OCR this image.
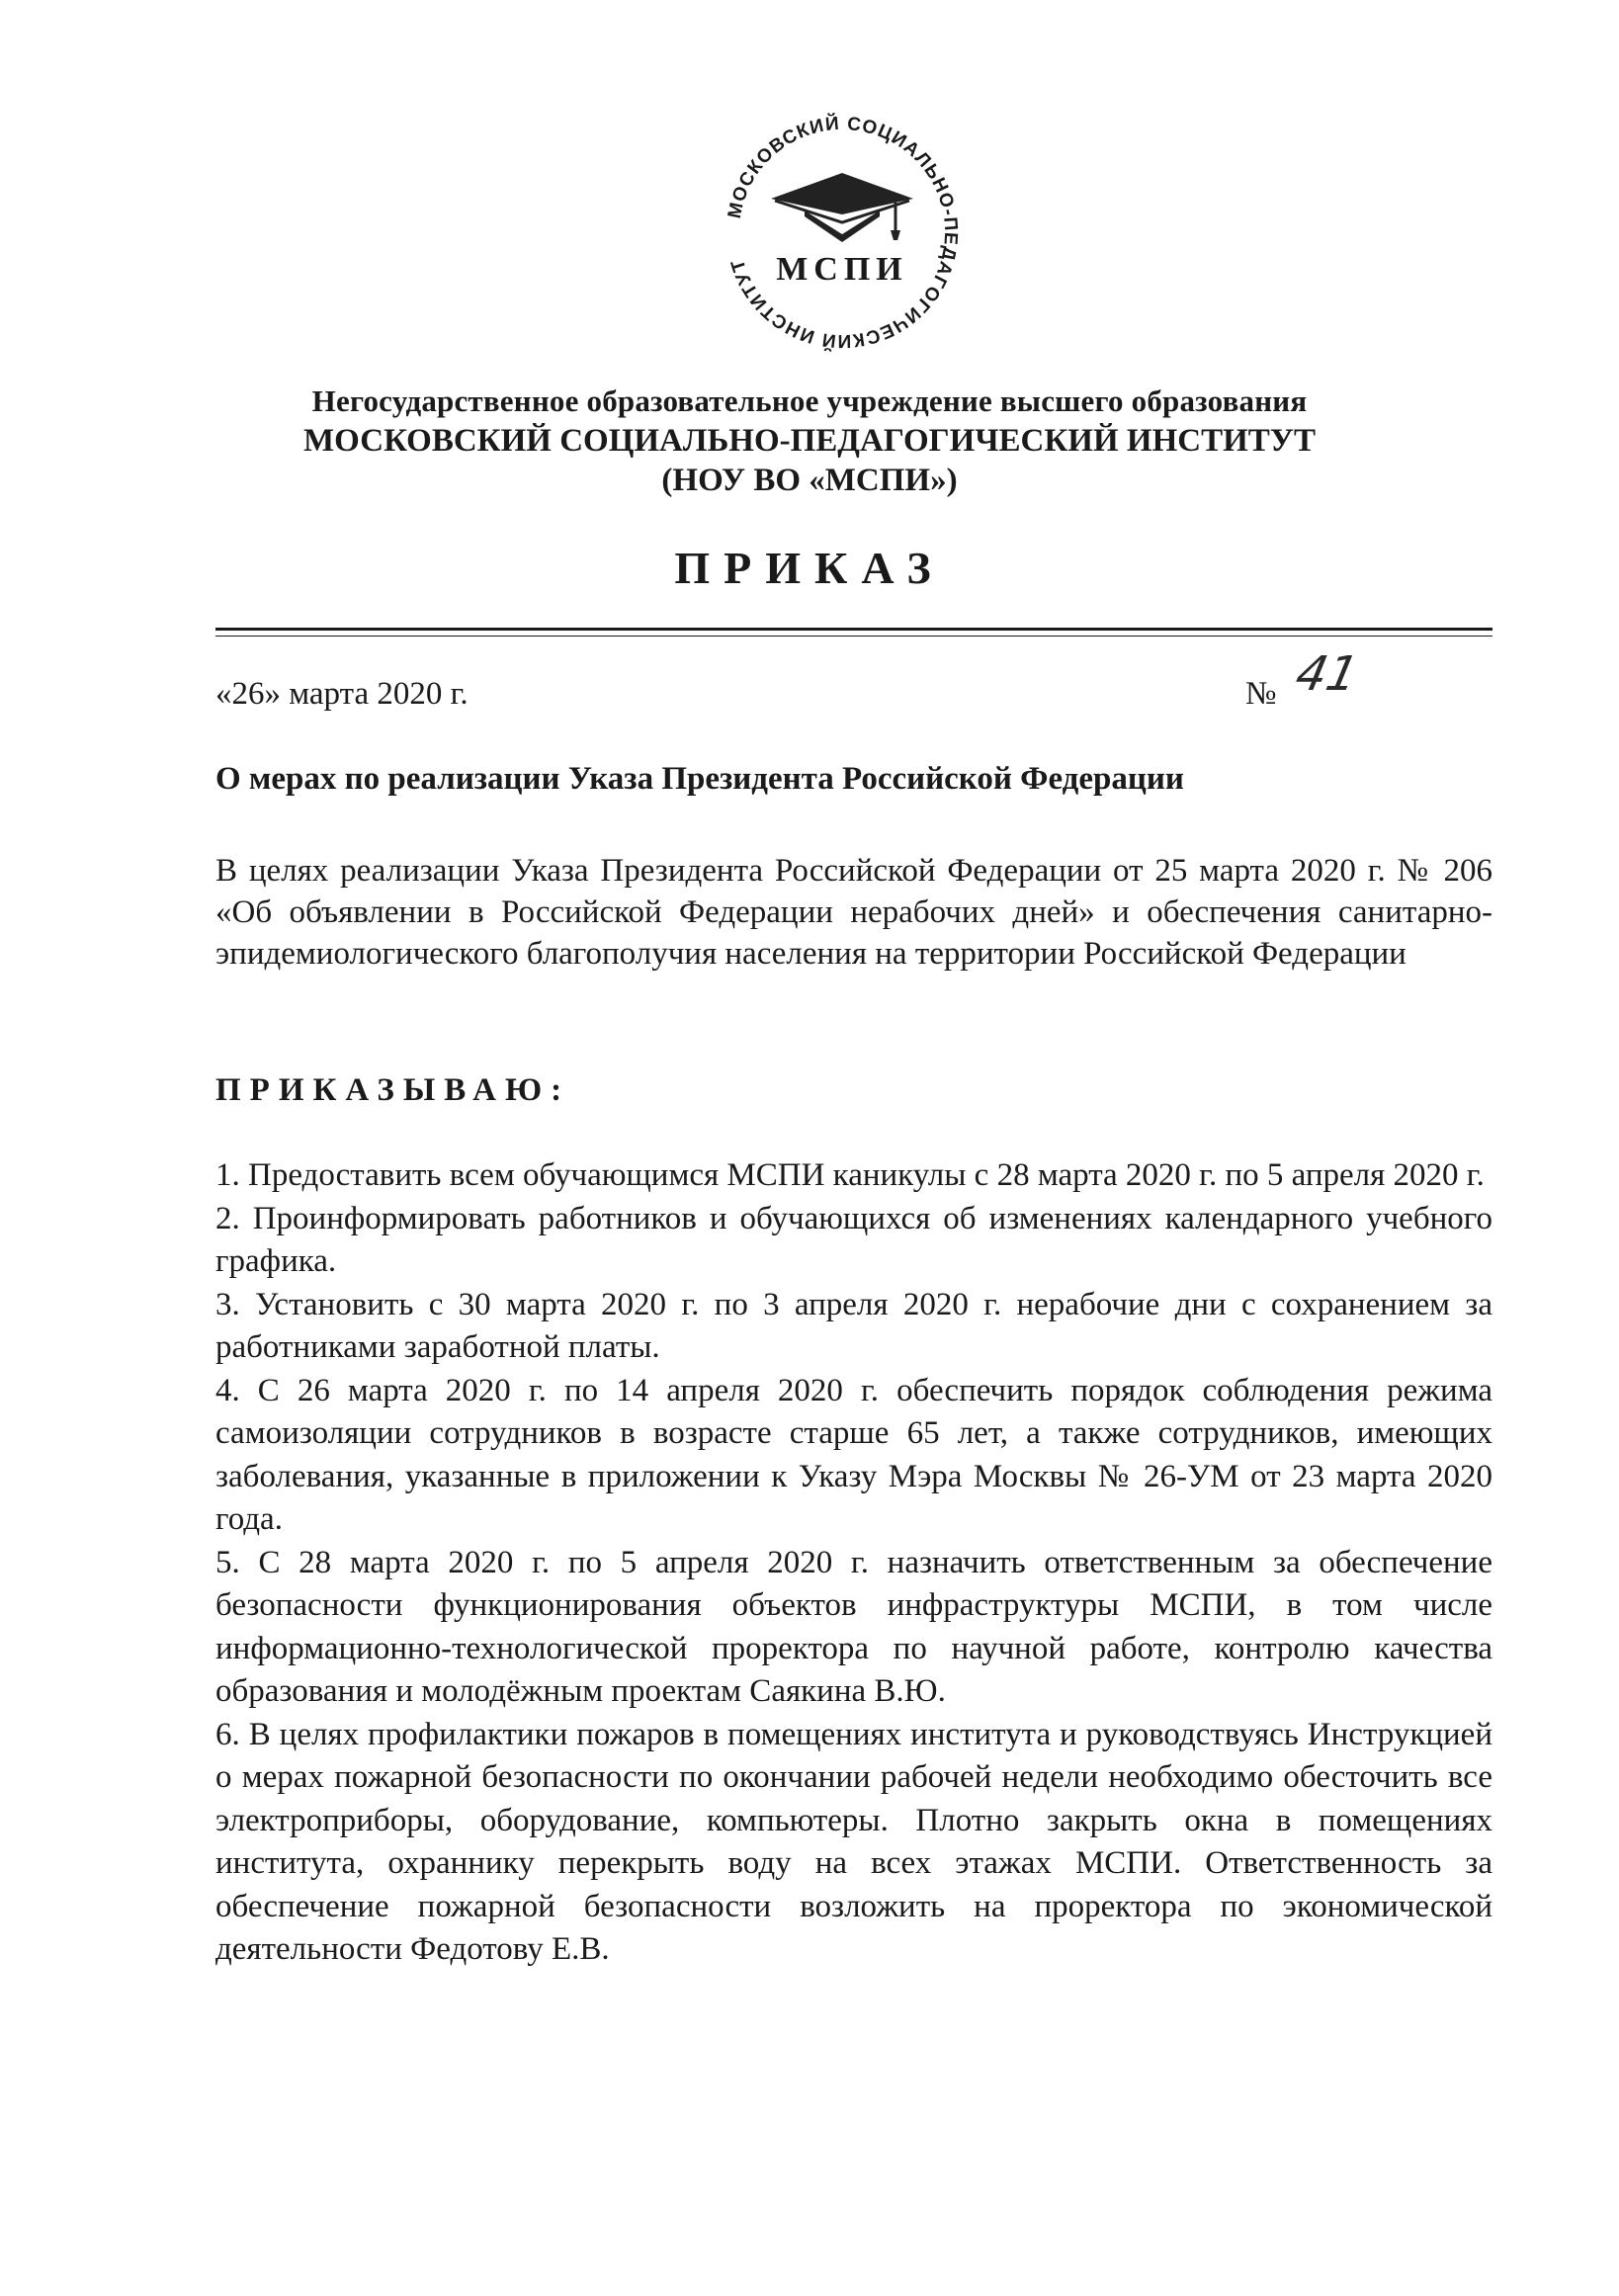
МОСКОВСКИЙ СОЦИАЛЬНО-ПЕДАГОГИЧЕСКИЙ ИНСТИТУТ МСПИ
Негосударственное образовательное учреждение высшего образования
МОСКОВСКИЙ СОЦИАЛЬНО-ПЕДАГОГИЧЕСКИЙ ИНСТИТУТ
(НОУ ВО «МСПИ»)
ПРИКАЗ
«26» марта 2020 г.	№ 41
О мерах по реализации Указа Президента Российской Федерации
В целях реализации Указа Президента Российской Федерации от 25 марта 2020 г. № 206 «Об объявлении в Российской Федерации нерабочих дней» и обеспечения санитарно-эпидемиологического благополучия населения на территории Российской Федерации
ПРИКАЗЫВАЮ:
1. Предоставить всем обучающимся МСПИ каникулы с 28 марта 2020 г. по 5 апреля 2020 г.
2. Проинформировать работников и обучающихся об изменениях календарного учебного графика.
3. Установить с 30 марта 2020 г. по 3 апреля 2020 г. нерабочие дни с сохранением за работниками заработной платы.
4. С 26 марта 2020 г. по 14 апреля 2020 г. обеспечить порядок соблюдения режима самоизоляции сотрудников в возрасте старше 65 лет, а также сотрудников, имеющих заболевания, указанные в приложении к Указу Мэра Москвы № 26-УМ от 23 марта 2020 года.
5. С 28 марта 2020 г. по 5 апреля 2020 г. назначить ответственным за обеспечение безопасности функционирования объектов инфраструктуры МСПИ, в том числе информационно-технологической проректора по научной работе, контролю качества образования и молодёжным проектам Саякина В.Ю.
6. В целях профилактики пожаров в помещениях института и руководствуясь Инструкцией о мерах пожарной безопасности по окончании рабочей недели необходимо обесточить все электроприборы, оборудование, компьютеры. Плотно закрыть окна в помещениях института, охраннику перекрыть воду на всех этажах МСПИ. Ответственность за обеспечение пожарной безопасности возложить на проректора по экономической деятельности Федотову Е.В.
